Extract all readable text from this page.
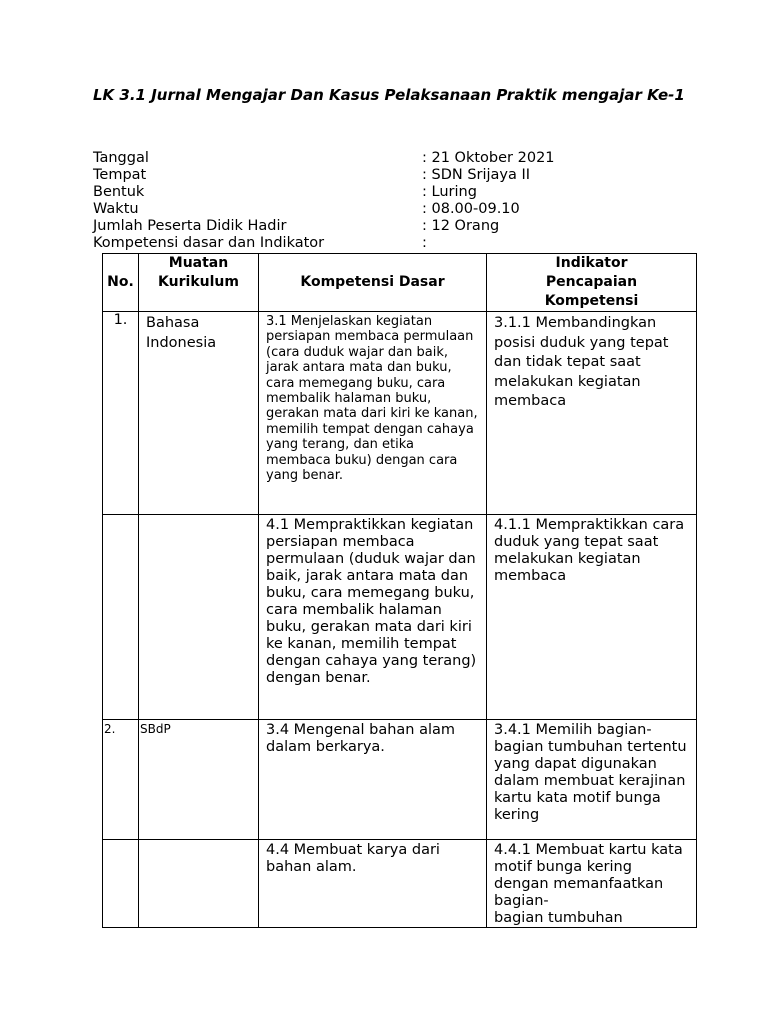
LK 3.1 Jurnal Mengajar Dan Kasus Pelaksanaan Praktik mengajar Ke-1
Tanggal	: 21 Oktober 2021
Tempat	: SDN Srijaya II
Bentuk	: Luring
Waktu	: 08.00-09.10
Jumlah Peserta Didik Hadir	: 12 Orang
Kompetensi dasar dan Indikator	:
No.	Muatan Kurikulum	Kompetensi Dasar	Indikator Pencapaian Kompetensi
1.	Bahasa Indonesia	3.1 Menjelaskan kegiatan persiapan membaca permulaan (cara duduk wajar dan baik, jarak antara mata dan buku, cara memegang buku, cara membalik halaman buku, gerakan mata dari kiri ke kanan, memilih tempat dengan cahaya yang terang, dan etika membaca buku) dengan cara yang benar.	3.1.1 Membandingkan posisi duduk yang tepat dan tidak tepat saat melakukan kegiatan membaca

		4.1 Mempraktikkan kegiatan persiapan membaca permulaan (duduk wajar dan baik, jarak antara mata dan buku, cara memegang buku, cara membalik halaman buku, gerakan mata dari kiri ke kanan, memilih tempat dengan cahaya yang terang) dengan benar.	4.1.1 Mempraktikkan cara duduk yang tepat saat melakukan kegiatan membaca

2.	SBdP	3.4 Mengenal bahan alam dalam berkarya.	3.4.1 Memilih bagian-bagian tumbuhan tertentu yang dapat digunakan dalam membuat kerajinan kartu kata motif bunga kering

		4.4 Membuat karya dari bahan alam.	4.4.1 Membuat kartu kata motif bunga kering dengan memanfaatkan bagian-
bagian tumbuhan
